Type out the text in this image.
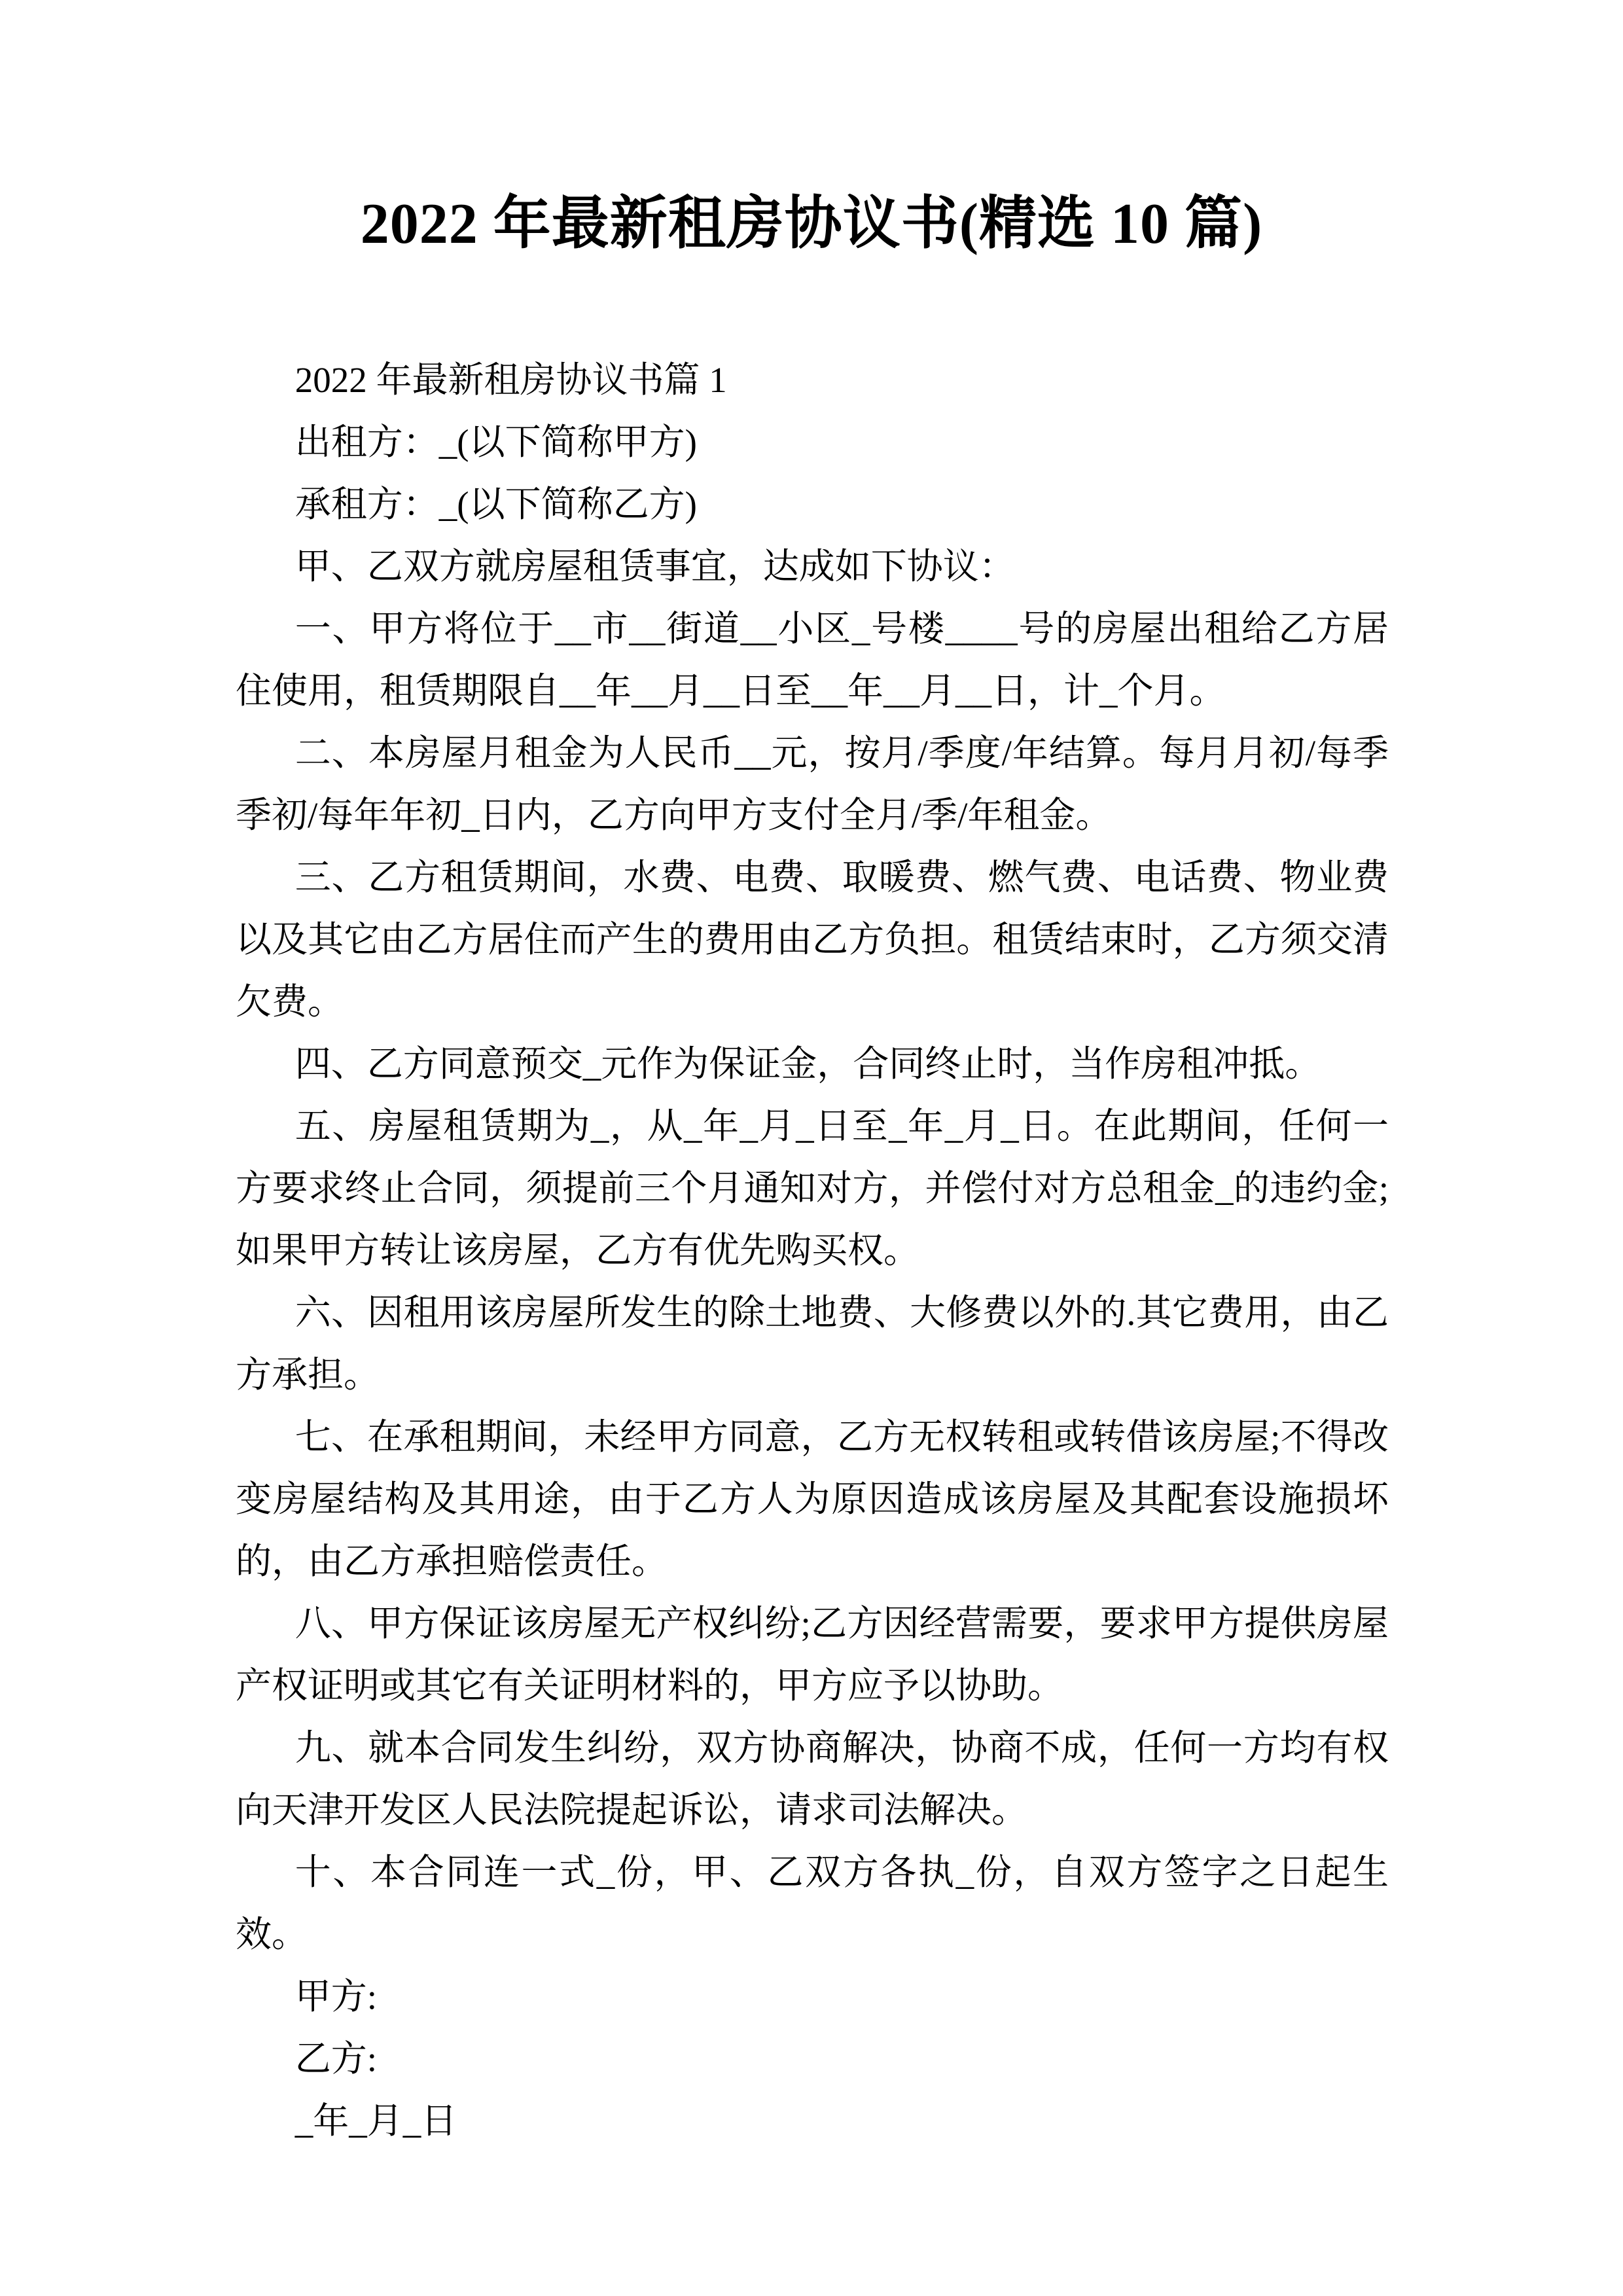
2022 年最新租房协议书(精选 10 篇)

2022 年最新租房协议书篇 1

出租方：_(以下简称甲方)

承租方：_(以下简称乙方)

甲、乙双方就房屋租赁事宜，达成如下协议：

一、甲方将位于__市__街道__小区_号楼____号的房屋出租给乙方居住使用，租赁期限自__年__月__日至__年__月__日，计_个月。

二、本房屋月租金为人民币__元，按月/季度/年结算。每月月初/每季季初/每年年初_日内，乙方向甲方支付全月/季/年租金。

三、乙方租赁期间，水费、电费、取暖费、燃气费、电话费、物业费以及其它由乙方居住而产生的费用由乙方负担。租赁结束时，乙方须交清欠费。

四、乙方同意预交_元作为保证金，合同终止时，当作房租冲抵。

五、房屋租赁期为_，从_年_月_日至_年_月_日。在此期间，任何一方要求终止合同，须提前三个月通知对方，并偿付对方总租金_的违约金;如果甲方转让该房屋，乙方有优先购买权。

六、因租用该房屋所发生的除土地费、大修费以外的.其它费用，由乙方承担。

七、在承租期间，未经甲方同意，乙方无权转租或转借该房屋;不得改变房屋结构及其用途，由于乙方人为原因造成该房屋及其配套设施损坏的，由乙方承担赔偿责任。

八、甲方保证该房屋无产权纠纷;乙方因经营需要，要求甲方提供房屋产权证明或其它有关证明材料的，甲方应予以协助。

九、就本合同发生纠纷，双方协商解决，协商不成，任何一方均有权向天津开发区人民法院提起诉讼，请求司法解决。

十、本合同连一式_份，甲、乙双方各执_份，自双方签字之日起生效。

甲方:

乙方:

_年_月_日
